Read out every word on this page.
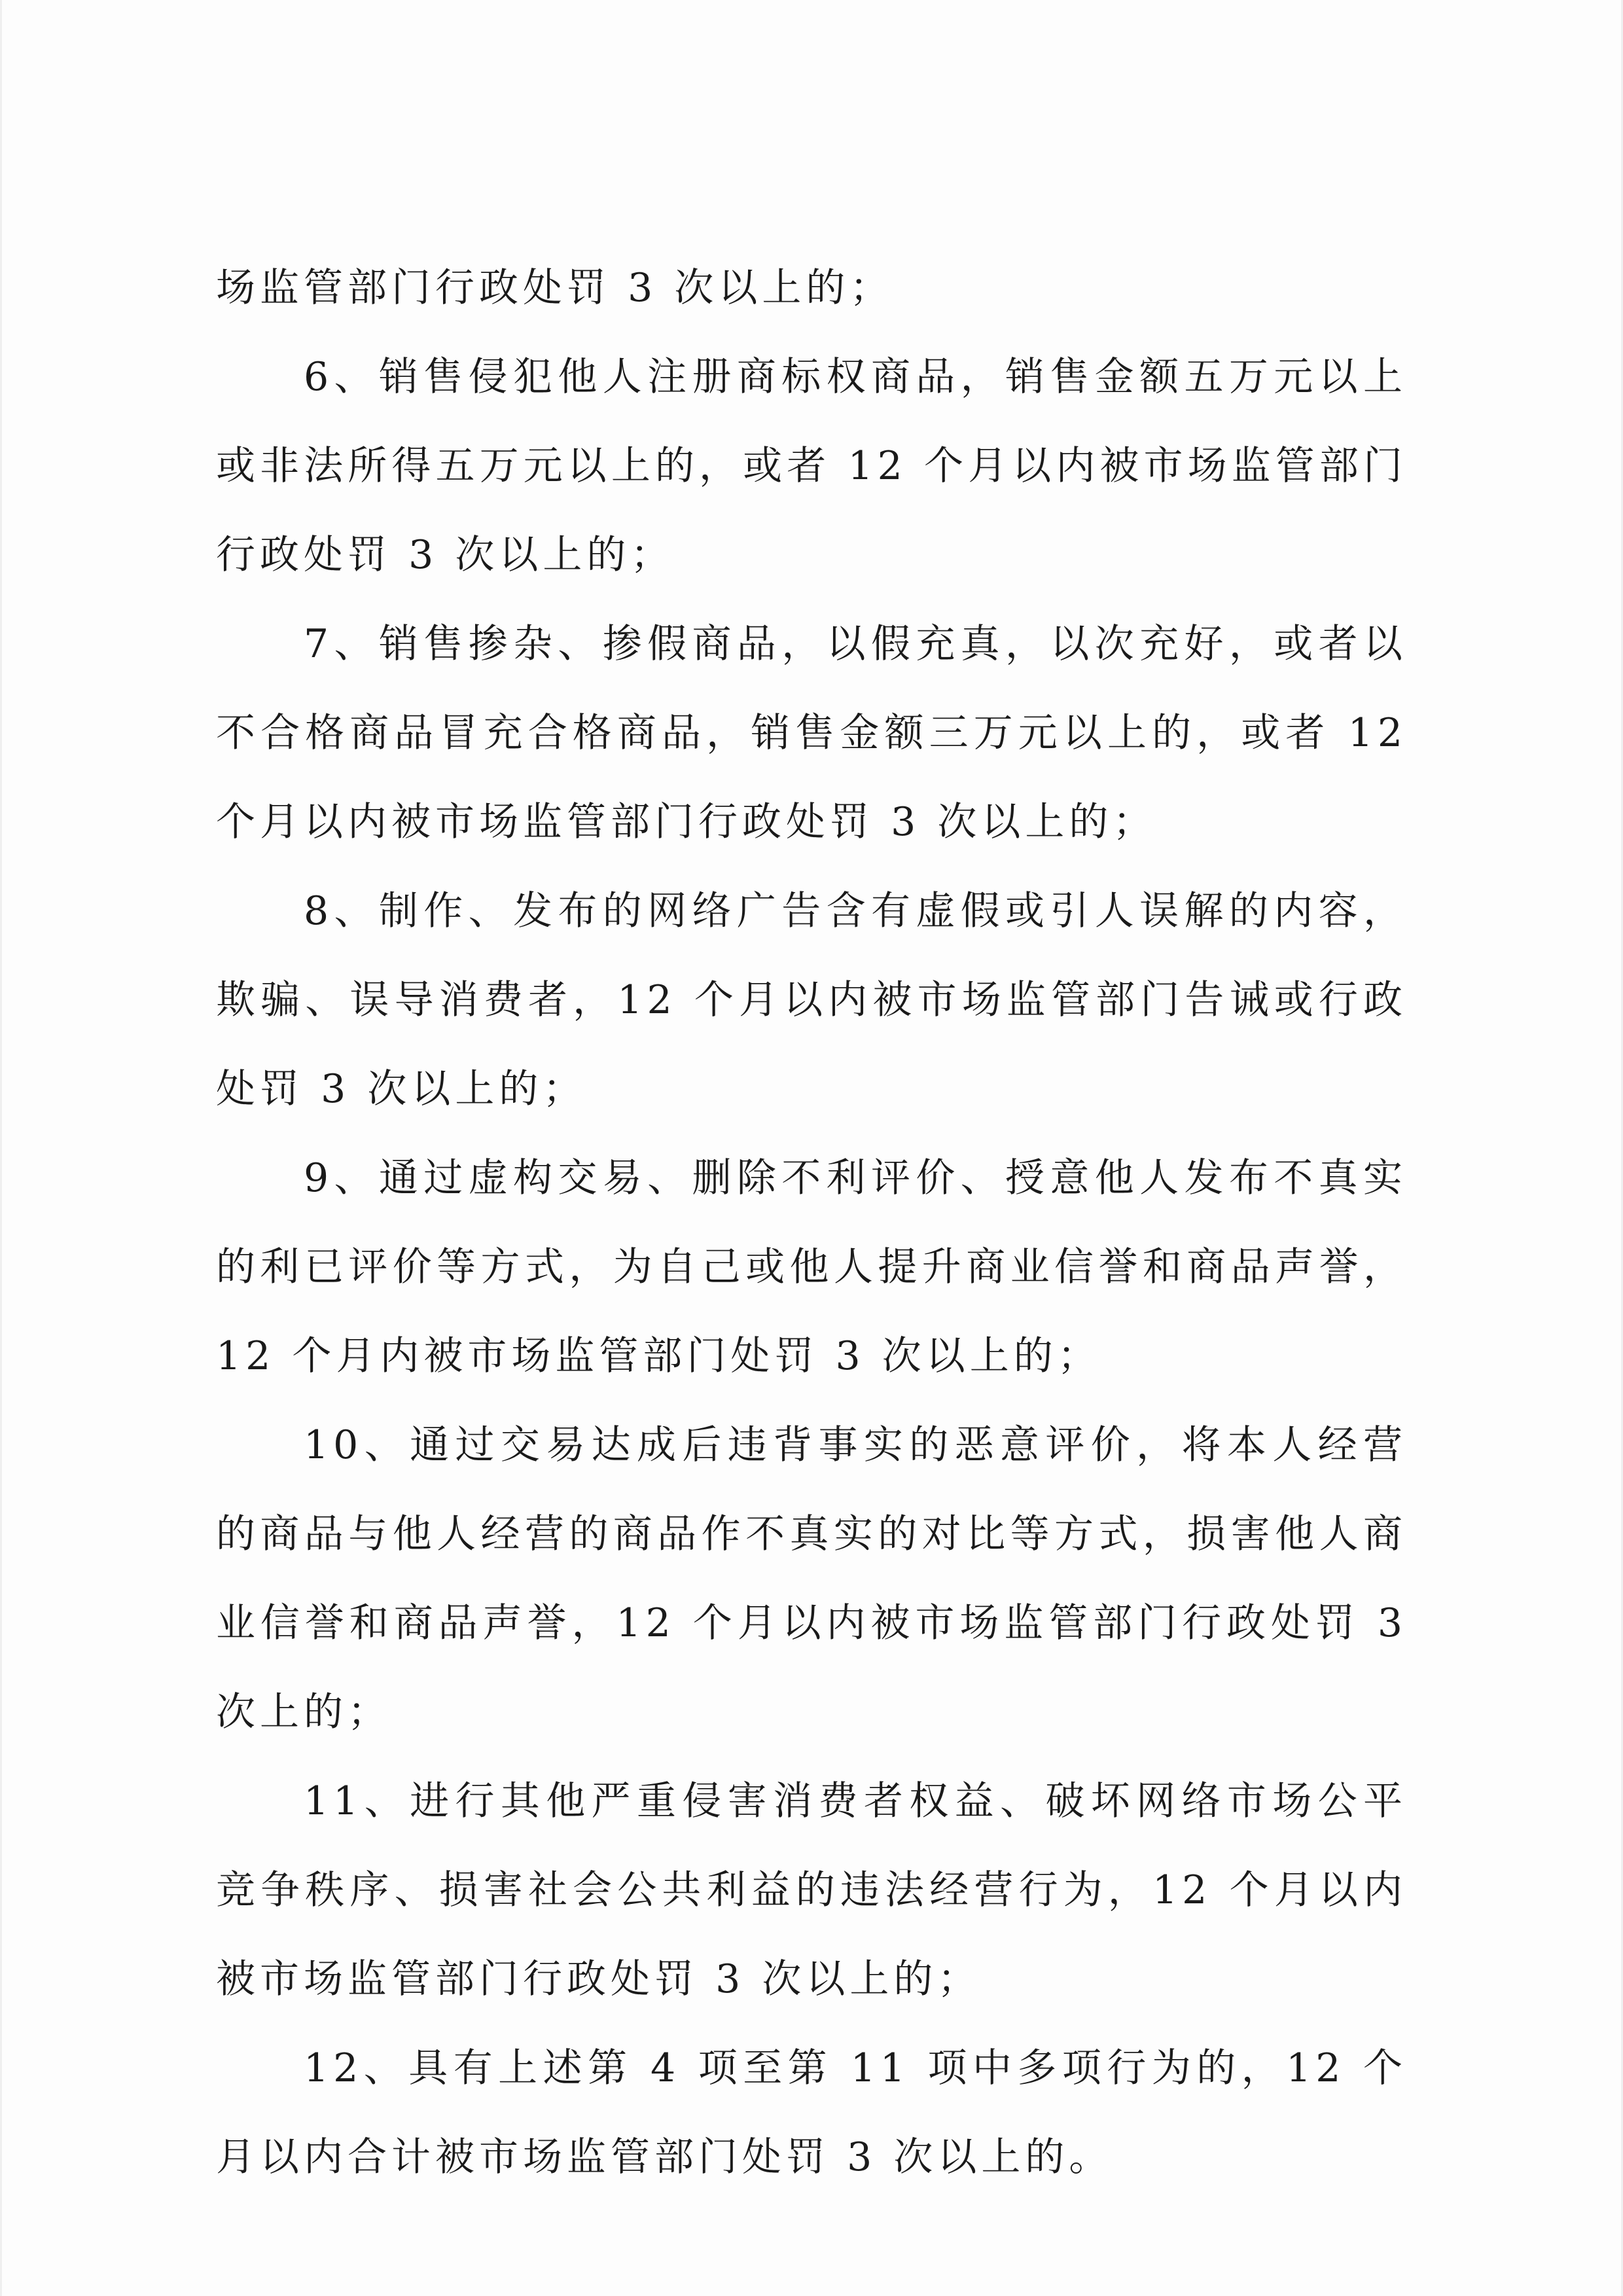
场监管部门行政处罚 3 次以上的；

6、销售侵犯他人注册商标权商品，销售金额五万元以上或非法所得五万元以上的，或者 12 个月以内被市场监管部门行政处罚 3 次以上的；

7、销售掺杂、掺假商品，以假充真，以次充好，或者以不合格商品冒充合格商品，销售金额三万元以上的，或者 12 个月以内被市场监管部门行政处罚 3 次以上的；

8、制作、发布的网络广告含有虚假或引人误解的内容，欺骗、误导消费者，12 个月以内被市场监管部门告诫或行政处罚 3 次以上的；

9、通过虚构交易、删除不利评价、授意他人发布不真实的利已评价等方式，为自己或他人提升商业信誉和商品声誉，12 个月内被市场监管部门处罚 3 次以上的；

10、通过交易达成后违背事实的恶意评价，将本人经营的商品与他人经营的商品作不真实的对比等方式，损害他人商业信誉和商品声誉，12 个月以内被市场监管部门行政处罚 3 次上的；

11、进行其他严重侵害消费者权益、破坏网络市场公平竞争秩序、损害社会公共利益的违法经营行为，12 个月以内被市场监管部门行政处罚 3 次以上的；

12、具有上述第 4 项至第 11 项中多项行为的，12 个月以内合计被市场监管部门处罚 3 次以上的。
